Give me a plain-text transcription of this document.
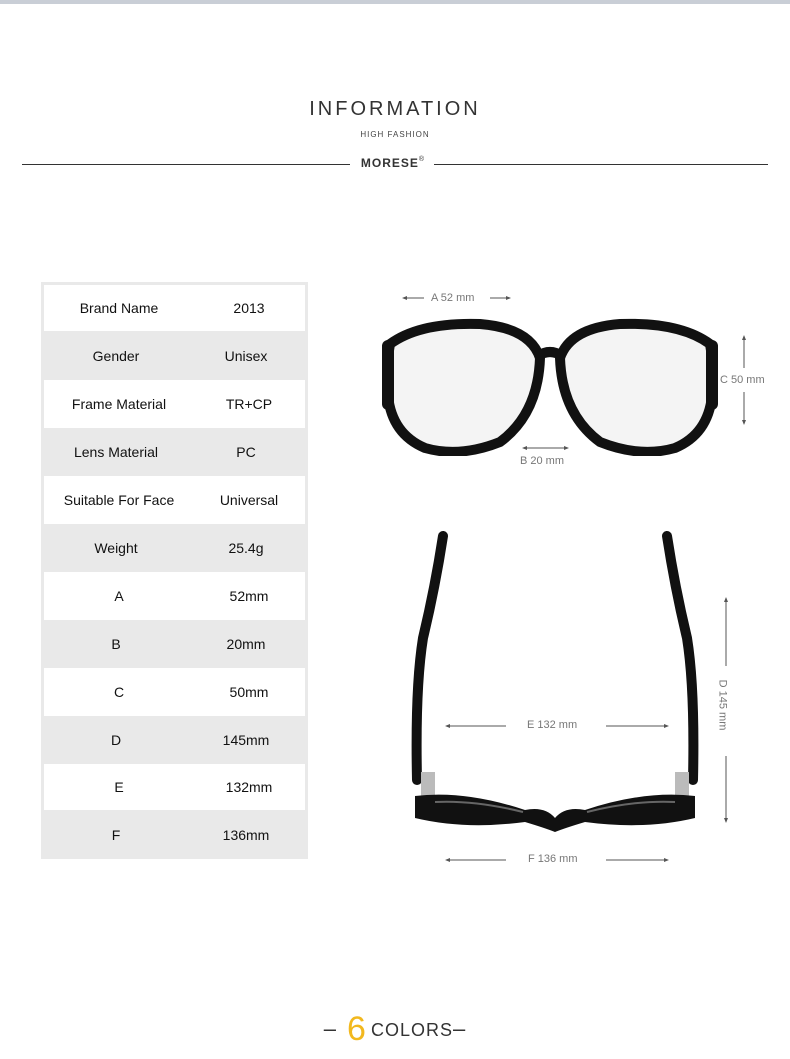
INFORMATION
HIGH FASHION
MORESE®
Brand Name	2013
Gender	Unisex
Frame Material	TR+CP
Lens Material	PC
Suitable For Face	Universal
Weight	25.4g
A	52mm
B	20mm
C	50mm
D	145mm
E	132mm
F	136mm
A 52 mm
B 20 mm
C 50 mm
D 145 mm
E 132 mm
F 136 mm
– 6 COLORS–
